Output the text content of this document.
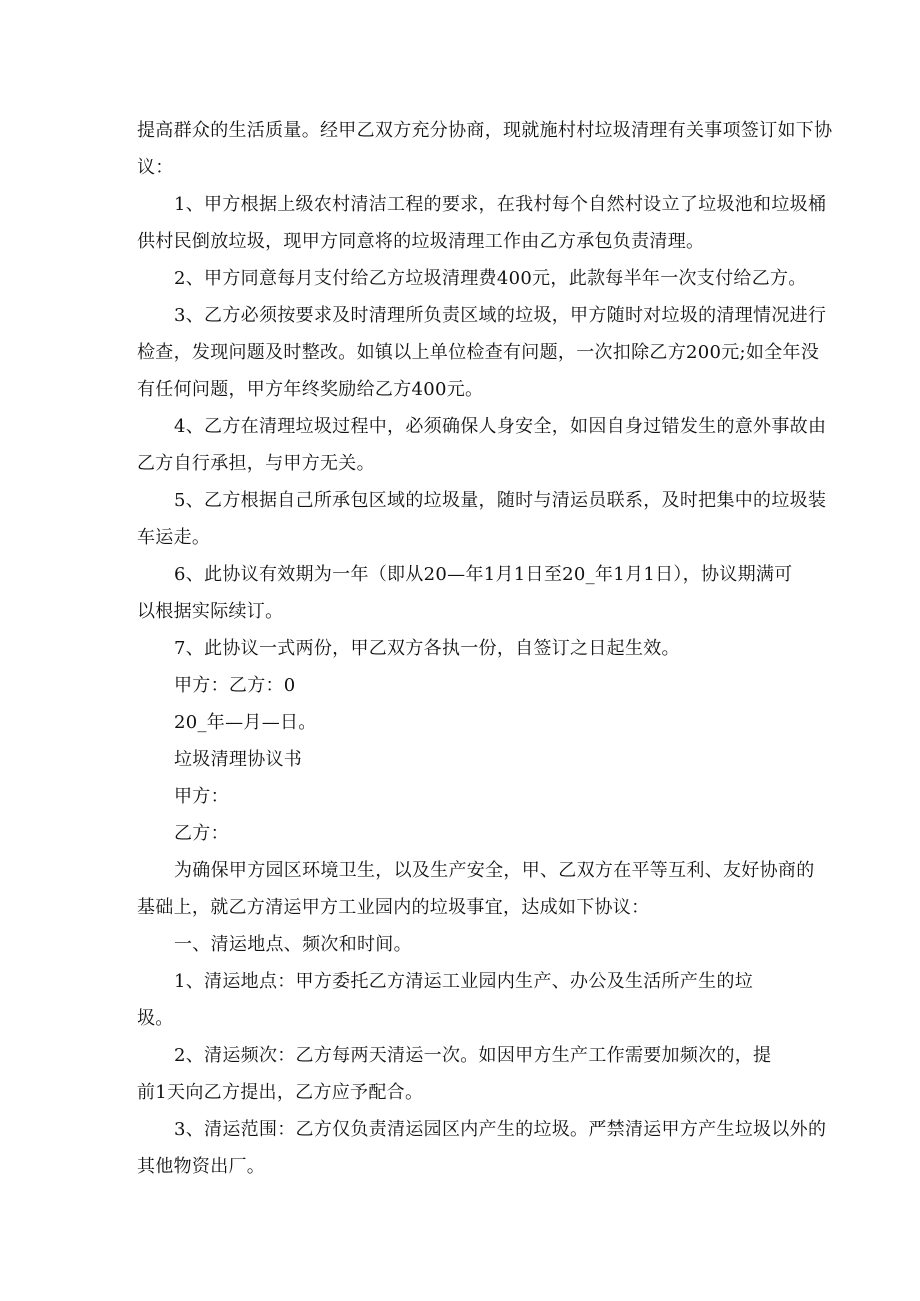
提高群众的生活质量。经甲乙双方充分协商，现就施村村垃圾清理有关事项签订如下协
议：
1、甲方根据上级农村清洁工程的要求，在我村每个自然村设立了垃圾池和垃圾桶
供村民倒放垃圾，现甲方同意将的垃圾清理工作由乙方承包负责清理。
2、甲方同意每月支付给乙方垃圾清理费400元，此款每半年一次支付给乙方。
3、乙方必须按要求及时清理所负责区域的垃圾，甲方随时对垃圾的清理情况进行
检查，发现问题及时整改。如镇以上单位检查有问题，一次扣除乙方200元;如全年没
有任何问题，甲方年终奖励给乙方400元。
4、乙方在清理垃圾过程中，必须确保人身安全，如因自身过错发生的意外事故由
乙方自行承担，与甲方无关。
5、乙方根据自己所承包区域的垃圾量，随时与清运员联系，及时把集中的垃圾装
车运走。
6、此协议有效期为一年（即从20—年1月1日至20_年1月1日），协议期满可
以根据实际续订。
7、此协议一式两份，甲乙双方各执一份，自签订之日起生效。
甲方：乙方：0
20_年—月—日。
垃圾清理协议书
甲方：
乙方：
为确保甲方园区环境卫生，以及生产安全，甲、乙双方在平等互利、友好协商的
基础上，就乙方清运甲方工业园内的垃圾事宜，达成如下协议：
一、清运地点、频次和时间。
1、清运地点：甲方委托乙方清运工业园内生产、办公及生活所产生的垃
圾。
2、清运频次：乙方每两天清运一次。如因甲方生产工作需要加频次的，提
前1天向乙方提出，乙方应予配合。
3、清运范围：乙方仅负责清运园区内产生的垃圾。严禁清运甲方产生垃圾以外的
其他物资出厂。
